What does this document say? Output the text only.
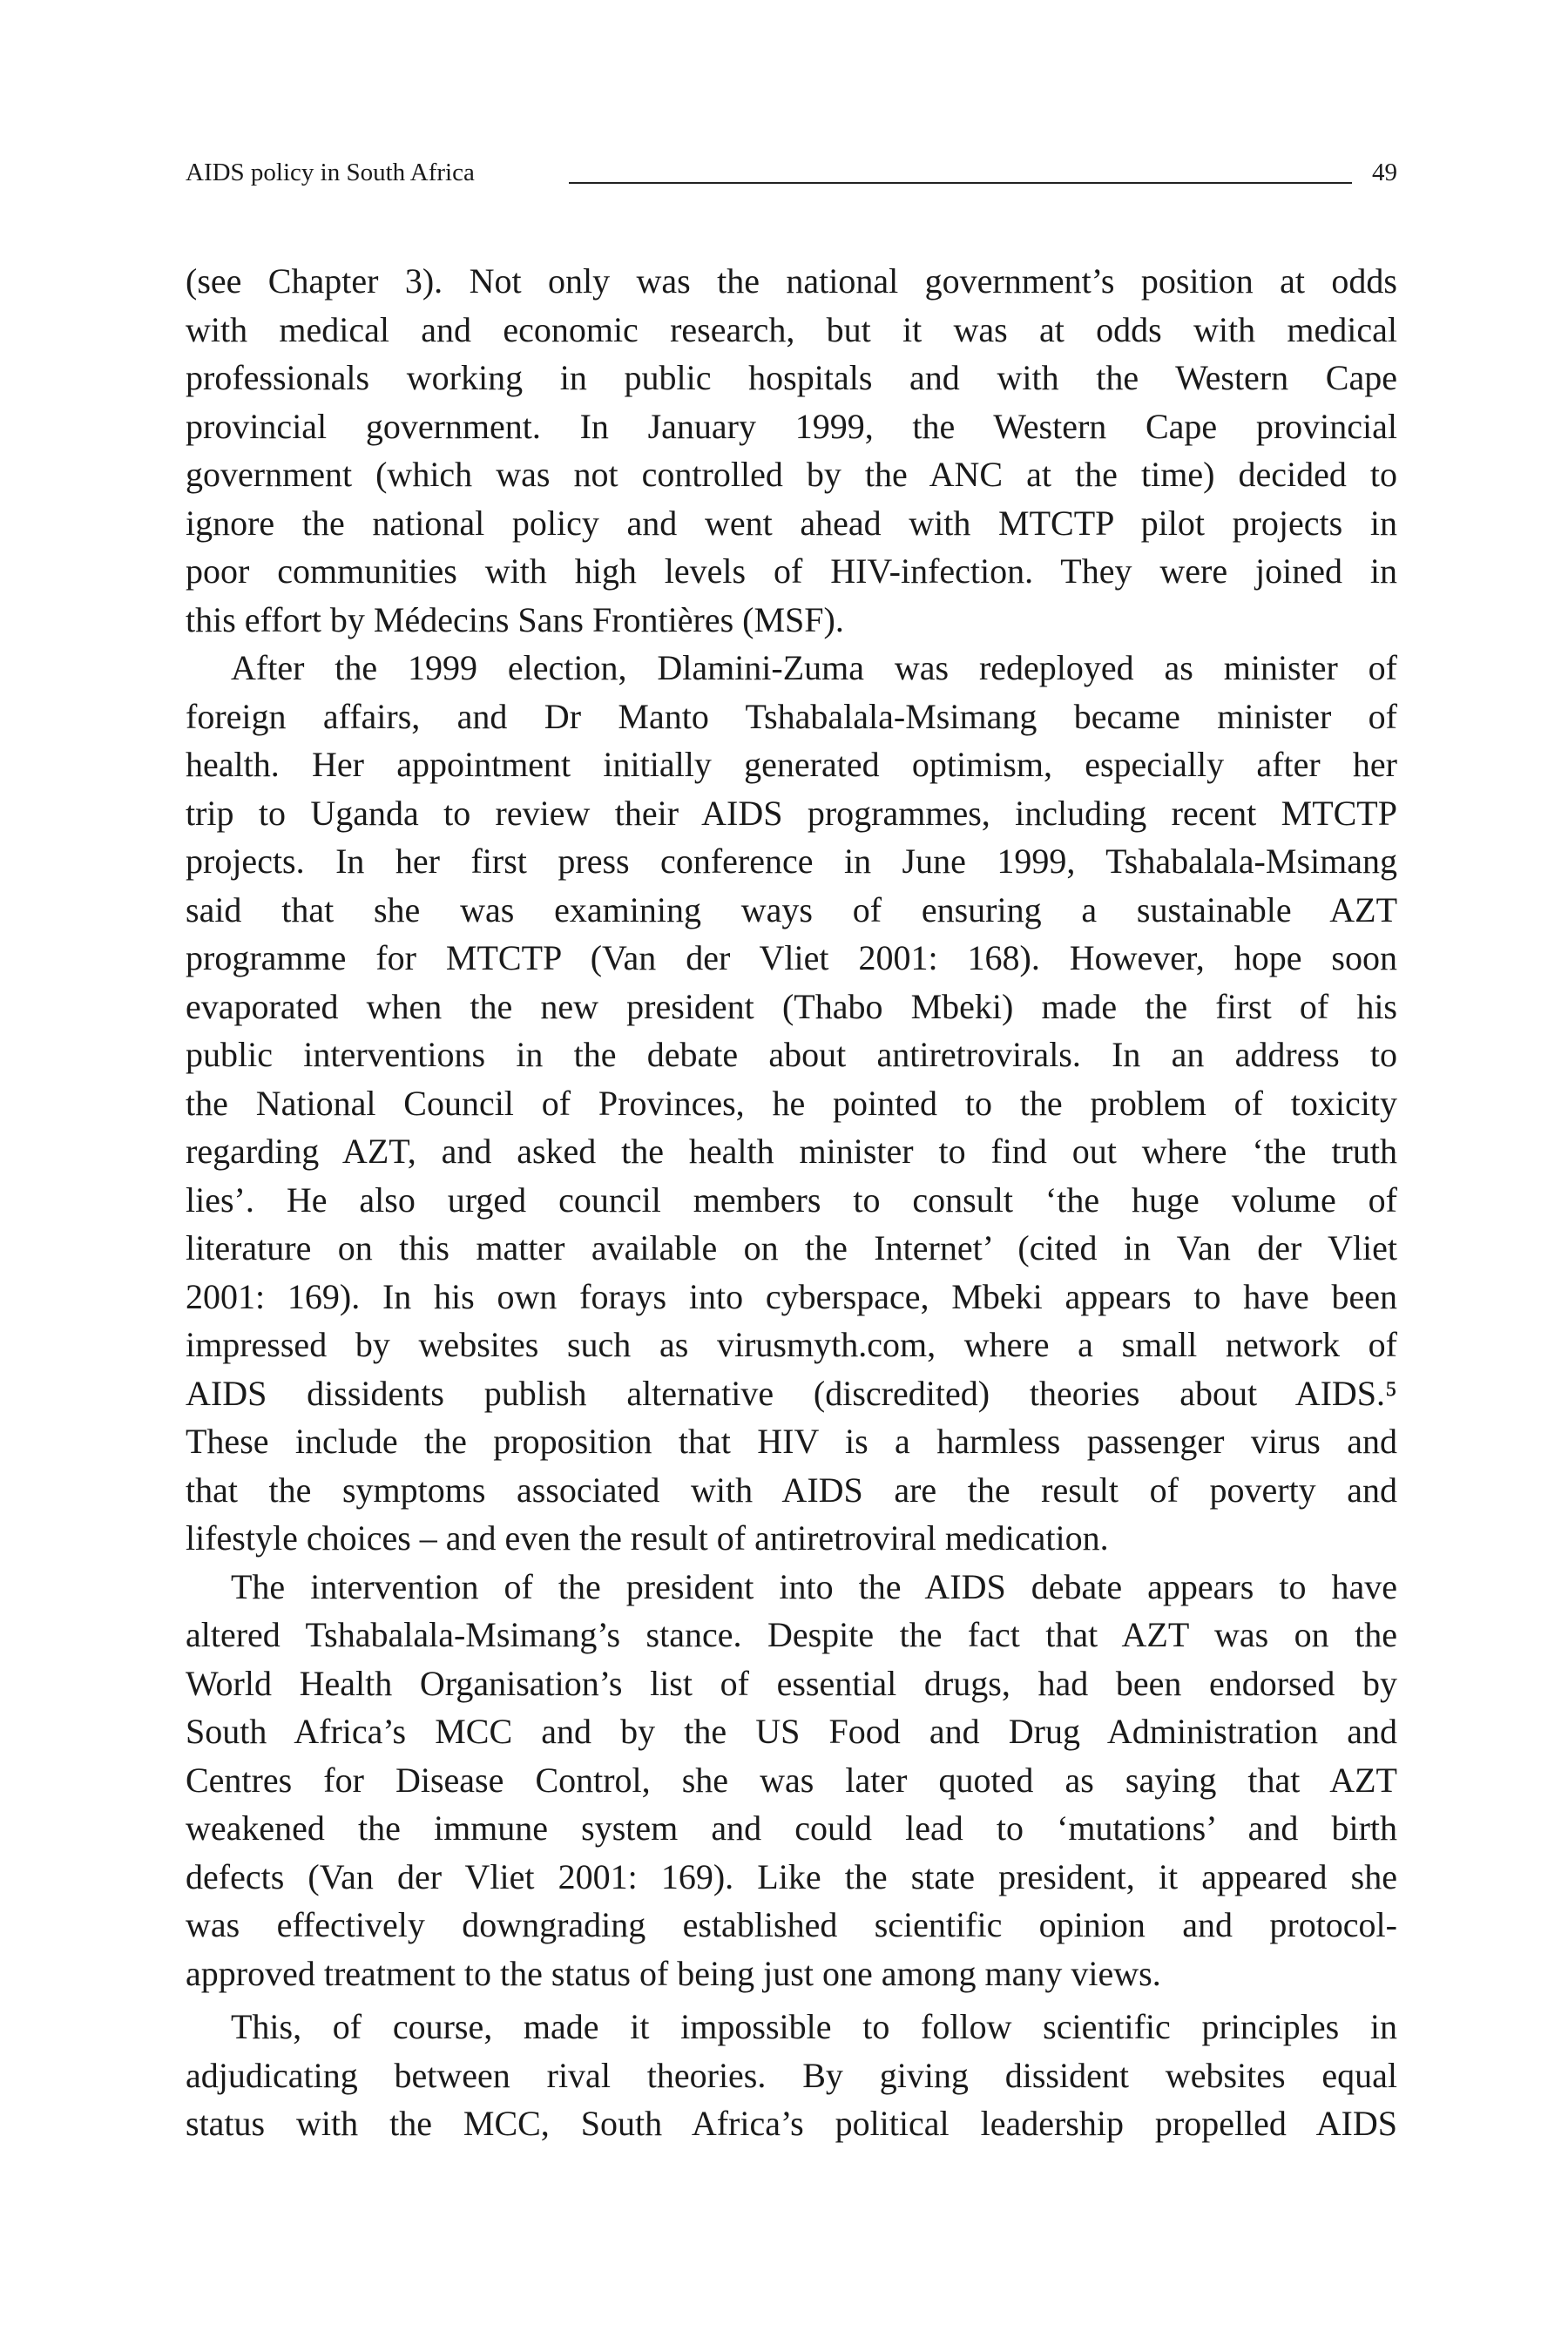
AIDS policy in South Africa	49
(see Chapter 3). Not only was the national government’s position at odds
with medical and economic research, but it was at odds with medical
professionals working in public hospitals and with the Western Cape
provincial government. In January 1999, the Western Cape provincial
government (which was not controlled by the ANC at the time) decided to
ignore the national policy and went ahead with MTCTP pilot projects in
poor communities with high levels of HIV-infection. They were joined in
this effort by Médecins Sans Frontières (MSF).
After the 1999 election, Dlamini-Zuma was redeployed as minister of
foreign affairs, and Dr Manto Tshabalala-Msimang became minister of
health. Her appointment initially generated optimism, especially after her
trip to Uganda to review their AIDS programmes, including recent MTCTP
projects. In her first press conference in June 1999, Tshabalala-Msimang
said that she was examining ways of ensuring a sustainable AZT
programme for MTCTP (Van der Vliet 2001: 168). However, hope soon
evaporated when the new president (Thabo Mbeki) made the first of his
public interventions in the debate about antiretrovirals. In an address to
the National Council of Provinces, he pointed to the problem of toxicity
regarding AZT, and asked the health minister to find out where ‘the truth
lies’. He also urged council members to consult ‘the huge volume of
literature on this matter available on the Internet’ (cited in Van der Vliet
2001: 169). In his own forays into cyberspace, Mbeki appears to have been
impressed by websites such as virusmyth.com, where a small network of
AIDS dissidents publish alternative (discredited) theories about AIDS.⁵
These include the proposition that HIV is a harmless passenger virus and
that the symptoms associated with AIDS are the result of poverty and
lifestyle choices – and even the result of antiretroviral medication.
The intervention of the president into the AIDS debate appears to have
altered Tshabalala-Msimang’s stance. Despite the fact that AZT was on the
World Health Organisation’s list of essential drugs, had been endorsed by
South Africa’s MCC and by the US Food and Drug Administration and
Centres for Disease Control, she was later quoted as saying that AZT
weakened the immune system and could lead to ‘mutations’ and birth
defects (Van der Vliet 2001: 169). Like the state president, it appeared she
was effectively downgrading established scientific opinion and protocol-
approved treatment to the status of being just one among many views.
This, of course, made it impossible to follow scientific principles in
adjudicating between rival theories. By giving dissident websites equal
status with the MCC, South Africa’s political leadership propelled AIDS
